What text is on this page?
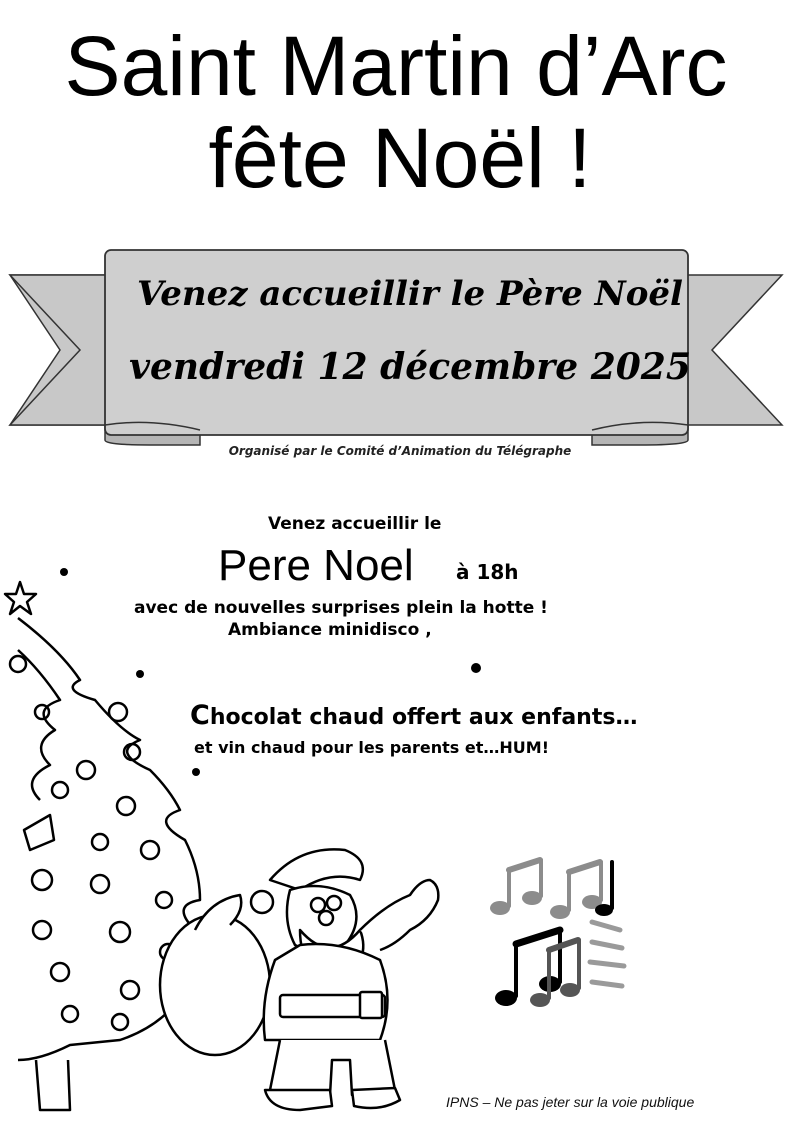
Saint Martin d’Arc
fête Noël !
Venez accueillir le Père Noël
vendredi 12 décembre 2025
Organisé par le Comité d’Animation du Télégraphe
Venez accueillir le
Pere Noel à 18h
avec de nouvelles surprises plein la hotte !
Ambiance minidisco ,
Chocolat chaud offert aux enfants…
et vin chaud pour les parents et…HUM!
IPNS – Ne pas jeter sur la voie publique
